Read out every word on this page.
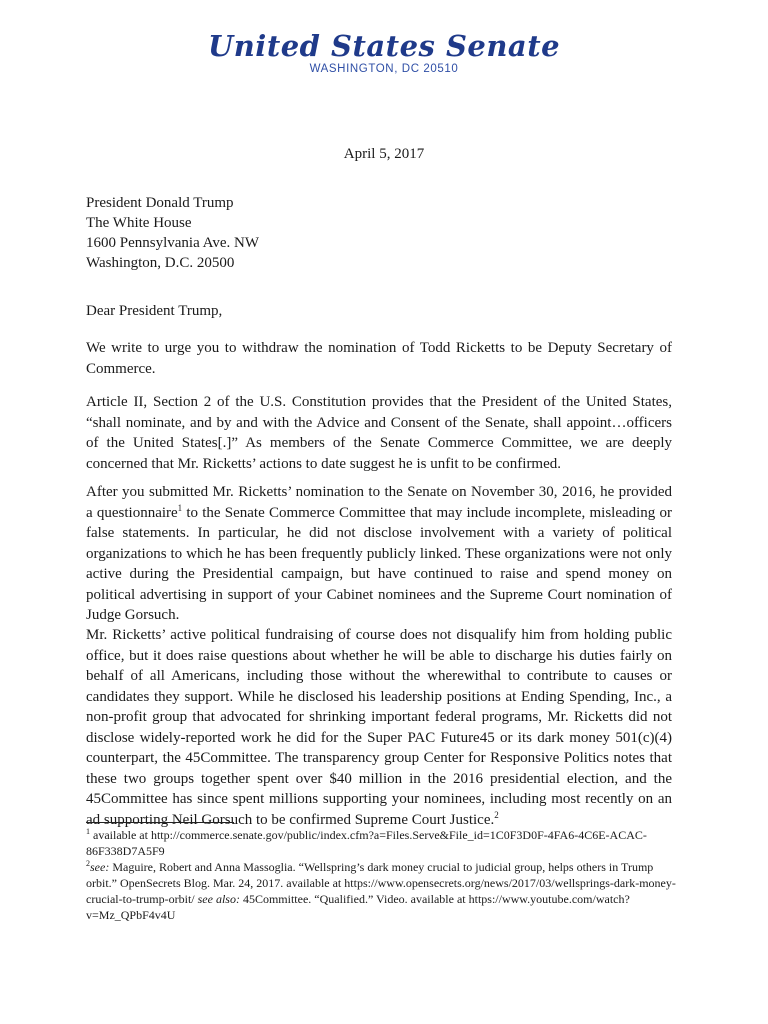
United States Senate
WASHINGTON, DC 20510
April 5, 2017
President Donald Trump
The White House
1600 Pennsylvania Ave. NW
Washington, D.C. 20500
Dear President Trump,

We write to urge you to withdraw the nomination of Todd Ricketts to be Deputy Secretary of Commerce.

Article II, Section 2 of the U.S. Constitution provides that the President of the United States, “shall nominate, and by and with the Advice and Consent of the Senate, shall appoint…officers of the United States[.]” As members of the Senate Commerce Committee, we are deeply concerned that Mr. Ricketts’ actions to date suggest he is unfit to be confirmed.

After you submitted Mr. Ricketts’ nomination to the Senate on November 30, 2016, he provided a questionnaire$^1$ to the Senate Commerce Committee that may include incomplete, misleading or false statements. In particular, he did not disclose involvement with a variety of political organizations to which he has been frequently publicly linked. These organizations were not only active during the Presidential campaign, but have continued to raise and spend money on political advertising in support of your Cabinet nominees and the Supreme Court nomination of Judge Gorsuch.

Mr. Ricketts’ active political fundraising of course does not disqualify him from holding public office, but it does raise questions about whether he will be able to discharge his duties fairly on behalf of all Americans, including those without the wherewithal to contribute to causes or candidates they support. While he disclosed his leadership positions at Ending Spending, Inc., a non-profit group that advocated for shrinking important federal programs, Mr. Ricketts did not disclose widely-reported work he did for the Super PAC Future45 or its dark money 501(c)(4) counterpart, the 45Committee. The transparency group Center for Responsive Politics notes that these two groups together spent over $40 million in the 2016 presidential election, and the 45Committee has since spent millions supporting your nominees, including most recently on an ad supporting Neil Gorsuch to be confirmed Supreme Court Justice.$^2$

$^1$ available at http://commerce.senate.gov/public/index.cfm?a=Files.Serve&File_id=1C0F3D0F-4FA6-4C6E-ACAC-86F338D7A5F9

$^2$see: Maguire, Robert and Anna Massoglia. “Wellspring’s dark money crucial to judicial group, helps others in Trump orbit.” OpenSecrets Blog. Mar. 24, 2017. available at https://www.opensecrets.org/news/2017/03/wellsprings-dark-money-crucial-to-trump-orbit/ see also: 45Committee. “Qualified.” Video. available at https://www.youtube.com/watch?v=Mz_QPbF4v4U
